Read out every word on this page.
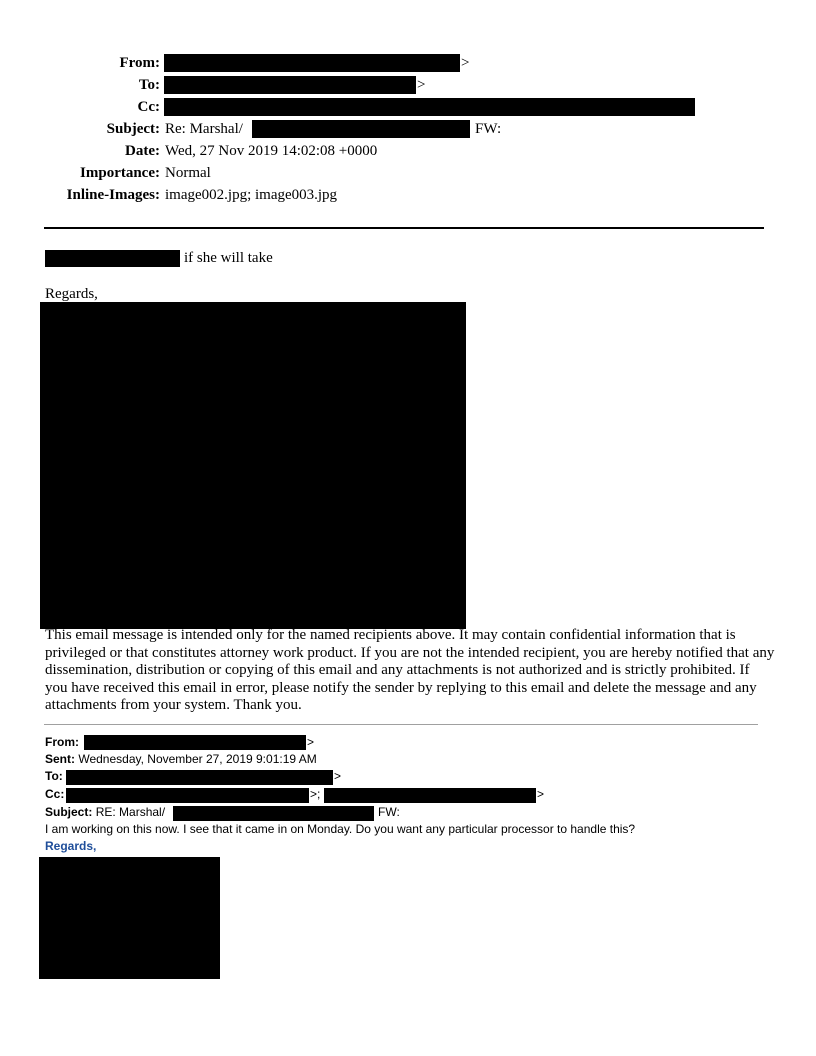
From:	>
To:	>
Cc:
Subject: Re: Marshal/	FW:
Date: Wed, 27 Nov 2019 14:02:08 +0000
Importance: Normal
Inline-Images: image002.jpg; image003.jpg
if she will take
Regards,
This email message is intended only for the named recipients above. It may contain confidential information that is privileged or that constitutes attorney work product. If you are not the intended recipient, you are hereby notified that any dissemination, distribution or copying of this email and any attachments is not authorized and is strictly prohibited. If you have received this email in error, please notify the sender by replying to this email and delete the message and any attachments from your system. Thank you.
From:	>
Sent: Wednesday, November 27, 2019 9:01:19 AM
To:	>
Cc:	>;	>
Subject: RE: Marshal/	FW:
I am working on this now. I see that it came in on Monday. Do you want any particular processor to handle this?
Regards,
